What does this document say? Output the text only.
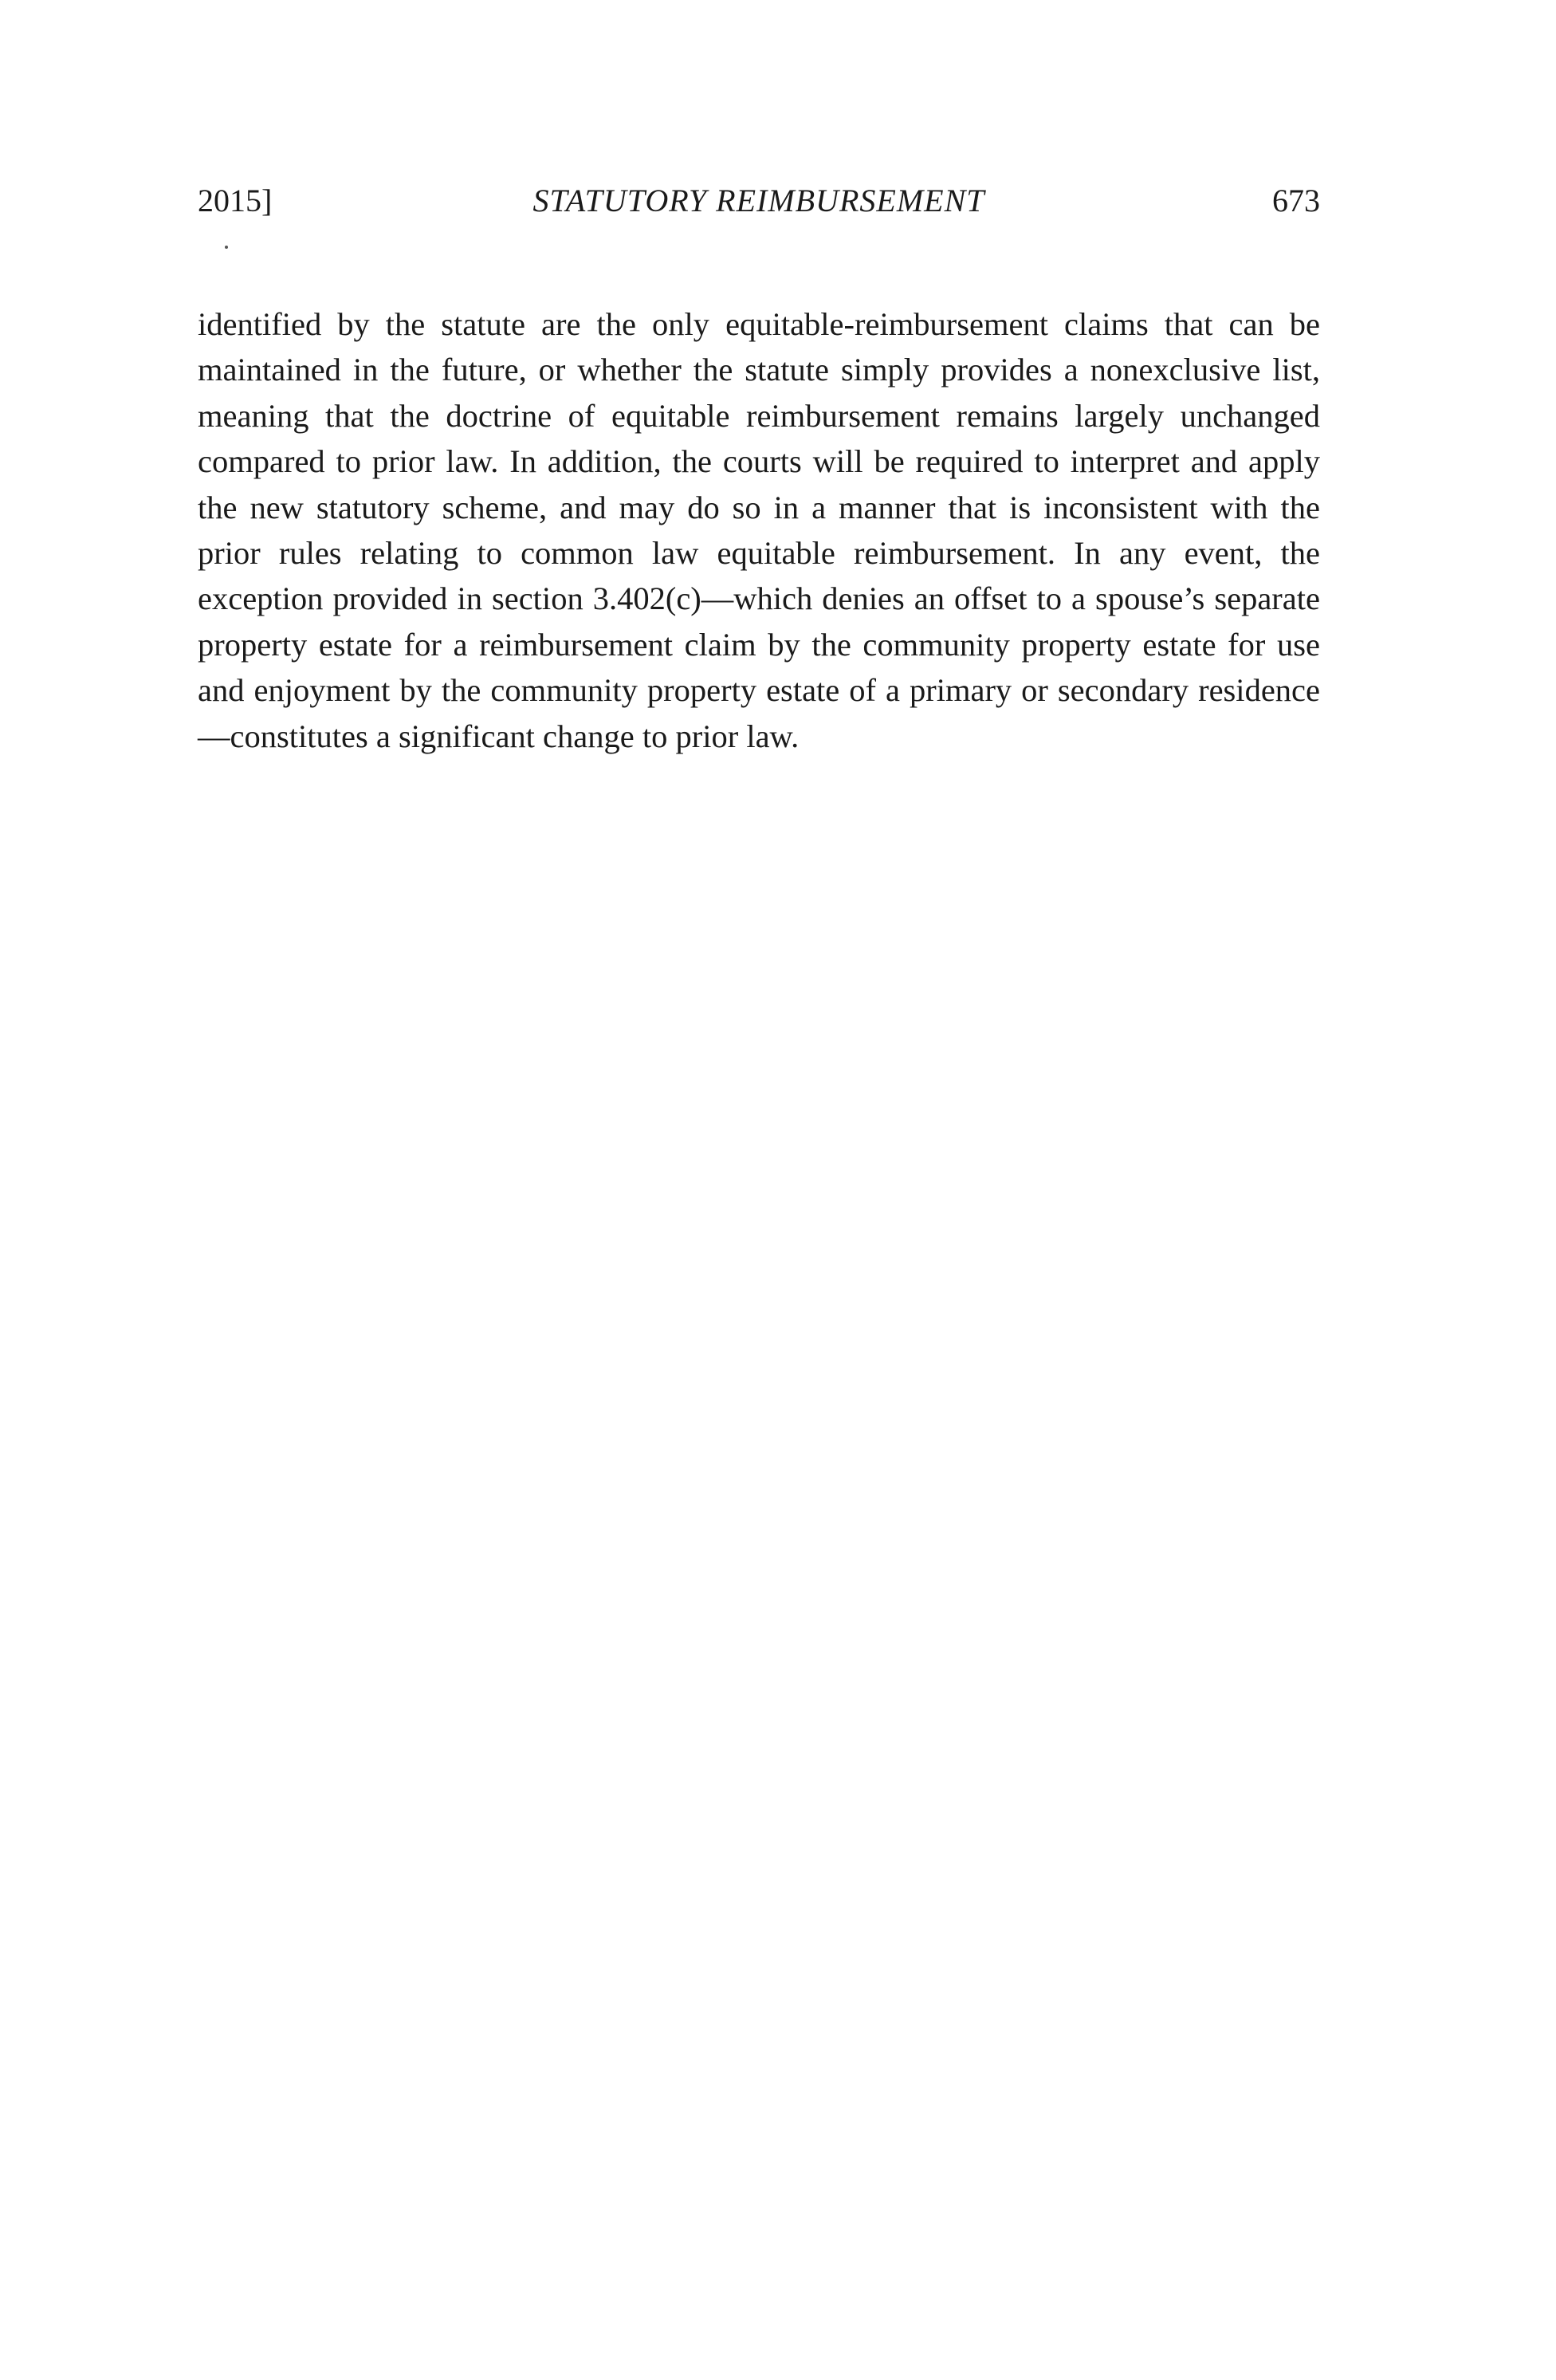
2015]	STATUTORY REIMBURSEMENT	673

identified by the statute are the only equitable-reimbursement claims that can be maintained in the future, or whether the statute simply provides a nonexclusive list, meaning that the doctrine of equitable reimbursement remains largely unchanged compared to prior law. In addition, the courts will be required to interpret and apply the new statutory scheme, and may do so in a manner that is inconsistent with the prior rules relating to common law equitable reimbursement. In any event, the exception provided in section 3.402(c)—which denies an offset to a spouse’s separate property estate for a reimbursement claim by the community property estate for use and enjoyment by the community property estate of a primary or secondary residence—constitutes a significant change to prior law.
